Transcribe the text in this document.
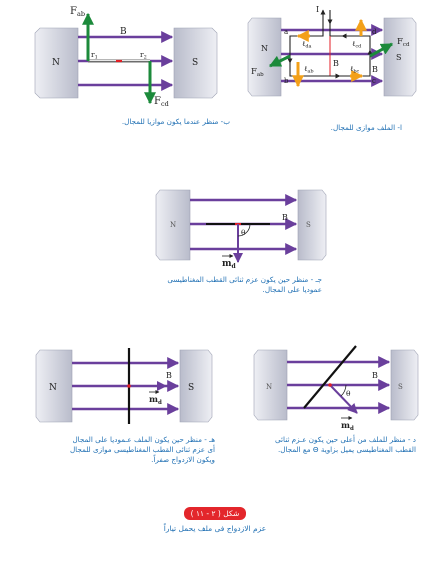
$F_{ab}$
$F_{cd}$
B
N	S
$r_1$	$r_2$
I
a
b	c
d
B
B
N
S
$F_{ab}$
$F_{cd}$
ℓ$_{da}$	ℓ$_{cd}$
ℓ$_{ab}$	ℓ$_{bc}$
θ
B
N	S
$m_d$
B
$m_d$
N	S
θ
B
$m_d$
N	S
ب- منظر عندما يكون موازيا للمجال.
ا- الملف موازى للمجال.
جـ - منظر حين يكون عزم ثنائى القطب المغناطيسى
عموديا على المجال.
هـ - منظر حين يكون الملف عـموديا على المجال
أى عزم ثنائى القطب المغناطيسى موازى للمجال
ويكون الازدواج صفراً.
د - منظر للملف من أعلى حين يكون عـزم ثنائى
القطب المغناطيسى يميل بزاوية Θ مع المجال.
شكل ( ٢ - ١١ )
عزم الازدواج فى ملف يحمل تياراً
